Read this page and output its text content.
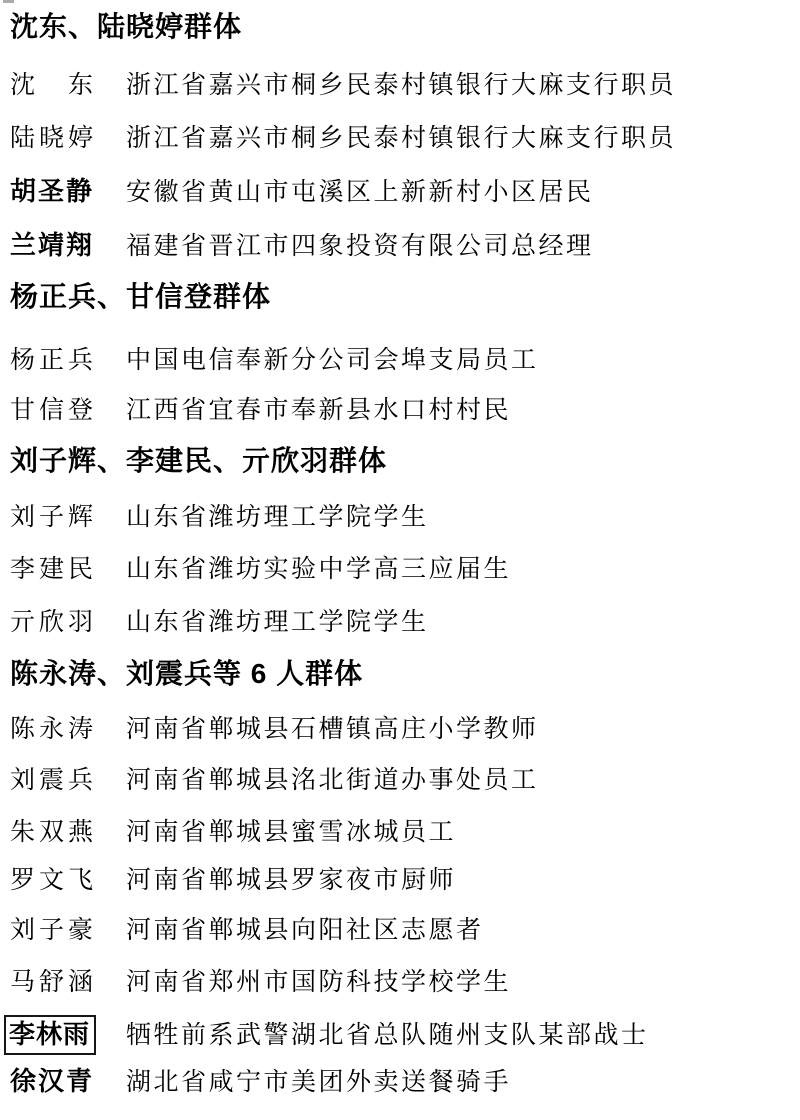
沈东、陆晓婷群体
沈　东	浙江省嘉兴市桐乡民泰村镇银行大麻支行职员
陆晓婷	浙江省嘉兴市桐乡民泰村镇银行大麻支行职员
胡圣静	安徽省黄山市屯溪区上新新村小区居民
兰靖翔	福建省晋江市四象投资有限公司总经理
杨正兵、甘信登群体
杨正兵	中国电信奉新分公司会埠支局员工
甘信登	江西省宜春市奉新县水口村村民
刘子辉、李建民、亓欣羽群体
刘子辉	山东省潍坊理工学院学生
李建民	山东省潍坊实验中学高三应届生
亓欣羽	山东省潍坊理工学院学生
陈永涛、刘震兵等 6 人群体
陈永涛	河南省郸城县石槽镇高庄小学教师
刘震兵	河南省郸城县洺北街道办事处员工
朱双燕	河南省郸城县蜜雪冰城员工
罗文飞	河南省郸城县罗家夜市厨师
刘子豪	河南省郸城县向阳社区志愿者
马舒涵	河南省郑州市国防科技学校学生
李林雨	牺牲前系武警湖北省总队随州支队某部战士
徐汉青	湖北省咸宁市美团外卖送餐骑手
